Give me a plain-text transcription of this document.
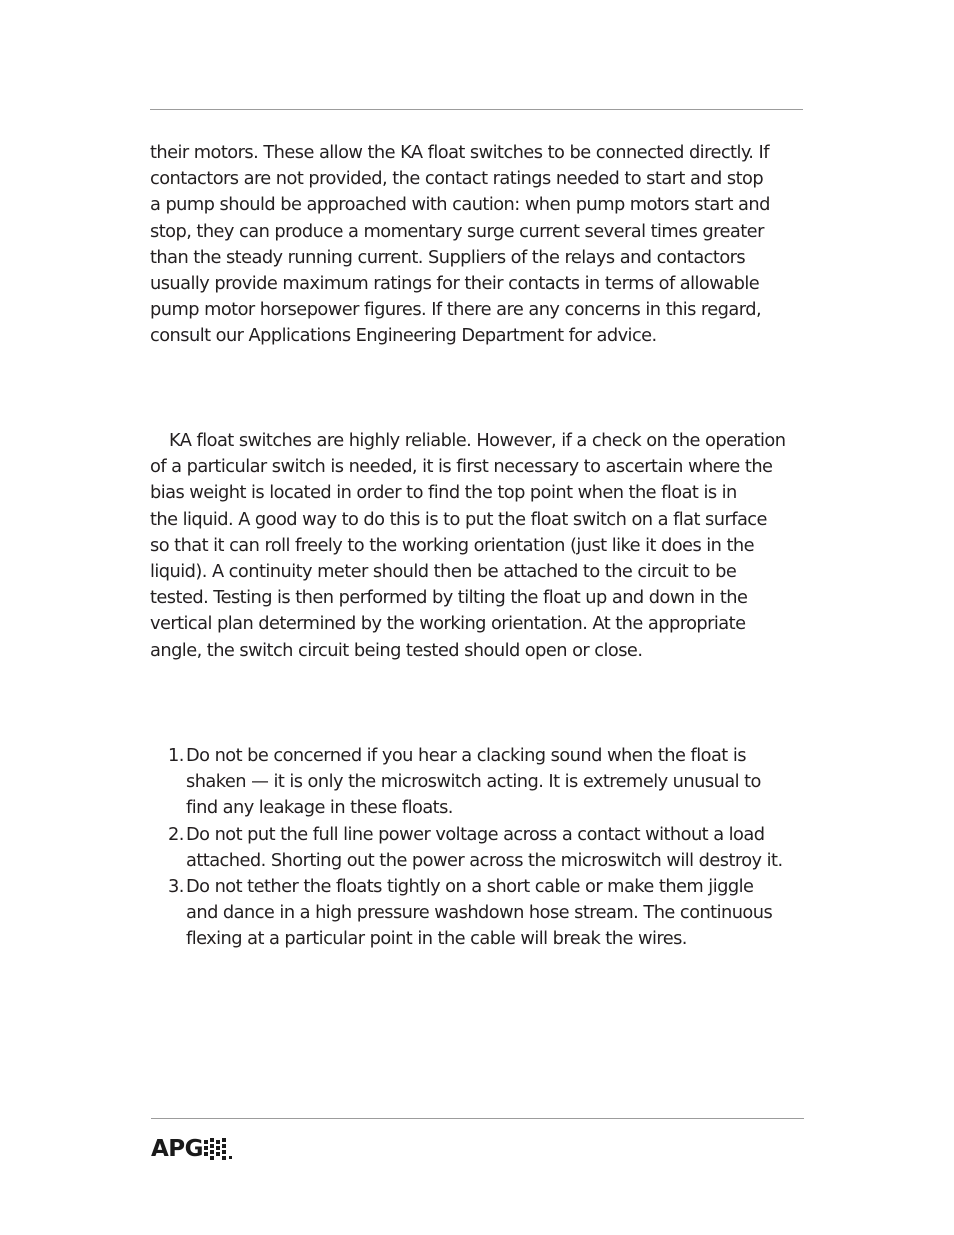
their motors. These allow the KA float switches to be connected directly. If
contactors are not provided, the contact ratings needed to start and stop
a pump should be approached with caution: when pump motors start and
stop, they can produce a momentary surge current several times greater
than the steady running current. Suppliers of the relays and contactors
usually provide maximum ratings for their contacts in terms of allowable
pump motor horsepower figures. If there are any concerns in this regard,
consult our Applications Engineering Department for advice.
KA float switches are highly reliable. However, if a check on the operation
of a particular switch is needed, it is first necessary to ascertain where the
bias weight is located in order to find the top point when the float is in
the liquid. A good way to do this is to put the float switch on a flat surface
so that it can roll freely to the working orientation (just like it does in the
liquid). A continuity meter should then be attached to the circuit to be
tested. Testing is then performed by tilting the float up and down in the
vertical plan determined by the working orientation. At the appropriate
angle, the switch circuit being tested should open or close.
1. Do not be concerned if you hear a clacking sound when the float is
shaken — it is only the microswitch acting. It is extremely unusual to
find any leakage in these floats.
2. Do not put the full line power voltage across a contact without a load
attached. Shorting out the power across the microswitch will destroy it.
3. Do not tether the floats tightly on a short cable or make them jiggle
and dance in a high pressure washdown hose stream. The continuous
flexing at a particular point in the cable will break the wires.
APG
